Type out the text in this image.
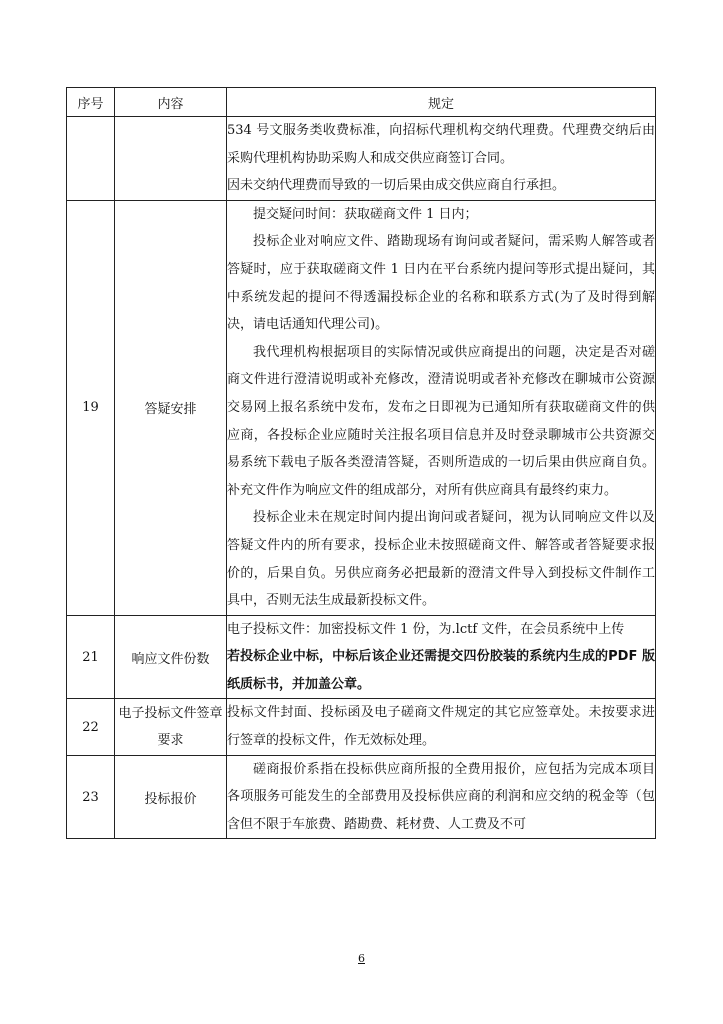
序号	内容	规定

		534 号文服务类收费标准，向招标代理机构交纳代理费。代理费交纳后由采购代理机构协助采购人和成交供应商签订合同。

因未交纳代理费而导致的一切后果由成交供应商自行承担。

19	答疑安排	提交疑问时间：获取磋商文件 1 日内；

投标企业对响应文件、踏勘现场有询问或者疑问，需采购人解答或者答疑时，应于获取磋商文件 1 日内在平台系统内提问等形式提出疑问，其中系统发起的提问不得透漏投标企业的名称和联系方式(为了及时得到解决，请电话通知代理公司)。

我代理机构根据项目的实际情况或供应商提出的问题，决定是否对磋商文件进行澄清说明或补充修改，澄清说明或者补充修改在聊城市公资源交易网上报名系统中发布，发布之日即视为已通知所有获取磋商文件的供应商，各投标企业应随时关注报名项目信息并及时登录聊城市公共资源交易系统下载电子版各类澄清答疑，否则所造成的一切后果由供应商自负。补充文件作为响应文件的组成部分，对所有供应商具有最终约束力。

投标企业未在规定时间内提出询问或者疑问，视为认同响应文件以及答疑文件内的所有要求，投标企业未按照磋商文件、解答或者答疑要求报价的，后果自负。另供应商务必把最新的澄清文件导入到投标文件制作工具中，否则无法生成最新投标文件。

21	响应文件份数	电子投标文件：加密投标文件 1 份，为.lctf 文件，在会员系统中上传

若投标企业中标，中标后该企业还需提交四份胶装的系统内生成的PDF 版纸质标书，并加盖公章。

22	电子投标文件签章要求	投标文件封面、投标函及电子磋商文件规定的其它应签章处。未按要求进行签章的投标文件，作无效标处理。

23	投标报价	磋商报价系指在投标供应商所报的全费用报价，应包括为完成本项目各项服务可能发生的全部费用及投标供应商的利润和应交纳的税金等（包含但不限于车旅费、踏勘费、耗材费、人工费及不可

6
